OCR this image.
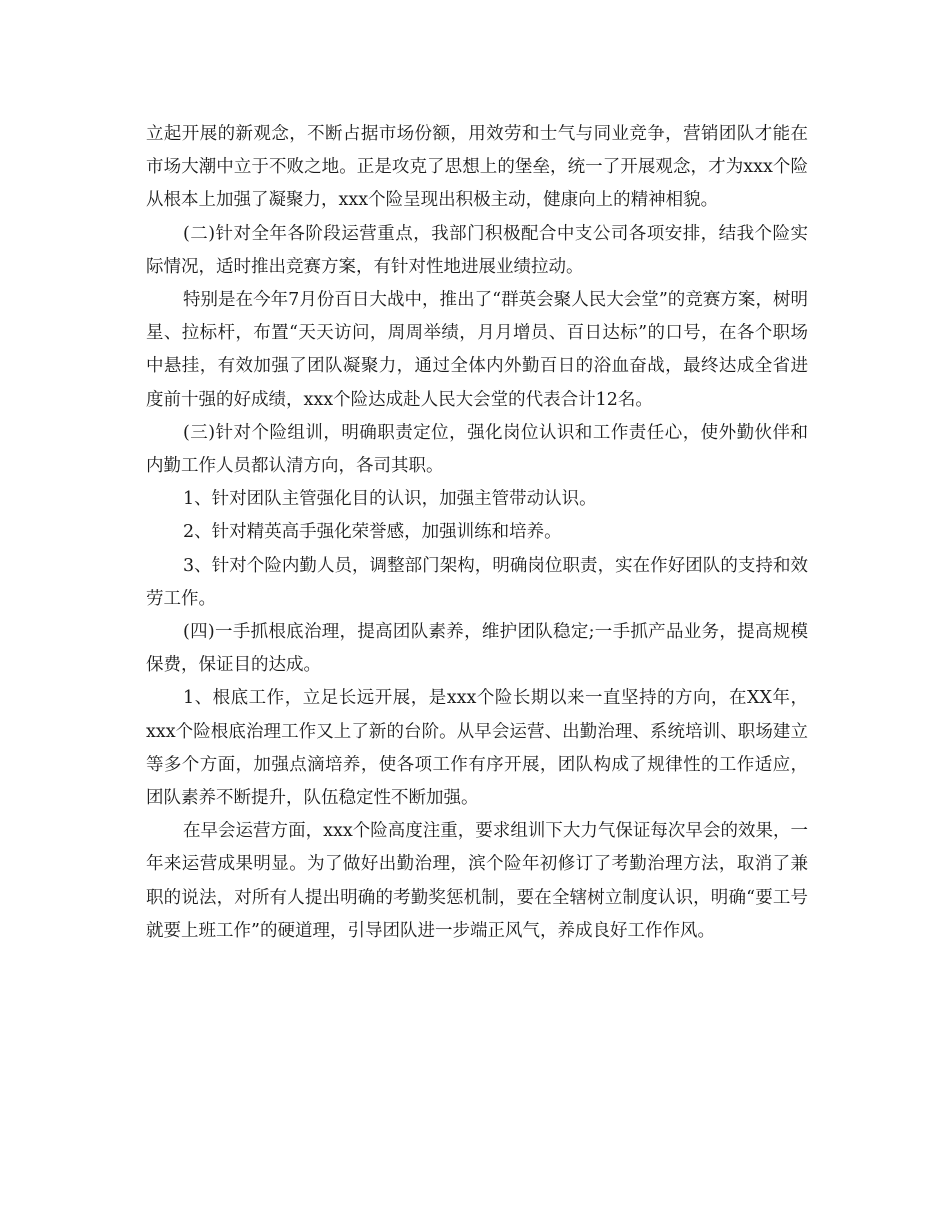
立起开展的新观念，不断占据市场份额，用效劳和士气与同业竞争，营销团队才能在市场大潮中立于不败之地。正是攻克了思想上的堡垒，统一了开展观念，才为xxx个险从根本上加强了凝聚力，xxx个险呈现出积极主动，健康向上的精神相貌。

(二)针对全年各阶段运营重点，我部门积极配合中支公司各项安排，结我个险实际情况，适时推出竞赛方案，有针对性地进展业绩拉动。

特别是在今年7月份百日大战中，推出了“群英会聚人民大会堂”的竞赛方案，树明星、拉标杆，布置“天天访问，周周举绩，月月增员、百日达标”的口号，在各个职场中悬挂，有效加强了团队凝聚力，通过全体内外勤百日的浴血奋战，最终达成全省进度前十强的好成绩，xxx个险达成赴人民大会堂的代表合计12名。

(三)针对个险组训，明确职责定位，强化岗位认识和工作责任心，使外勤伙伴和内勤工作人员都认清方向，各司其职。

1、针对团队主管强化目的认识，加强主管带动认识。

2、针对精英高手强化荣誉感，加强训练和培养。

3、针对个险内勤人员，调整部门架构，明确岗位职责，实在作好团队的支持和效劳工作。

(四)一手抓根底治理，提高团队素养，维护团队稳定;一手抓产品业务，提高规模保费，保证目的达成。

1、根底工作，立足长远开展，是xxx个险长期以来一直坚持的方向，在XX年，xxx个险根底治理工作又上了新的台阶。从早会运营、出勤治理、系统培训、职场建立等多个方面，加强点滴培养，使各项工作有序开展，团队构成了规律性的工作适应，团队素养不断提升，队伍稳定性不断加强。

在早会运营方面，xxx个险高度注重，要求组训下大力气保证每次早会的效果，一年来运营成果明显。为了做好出勤治理，滨个险年初修订了考勤治理方法，取消了兼职的说法，对所有人提出明确的考勤奖惩机制，要在全辖树立制度认识，明确“要工号就要上班工作”的硬道理，引导团队进一步端正风气，养成良好工作作风。
